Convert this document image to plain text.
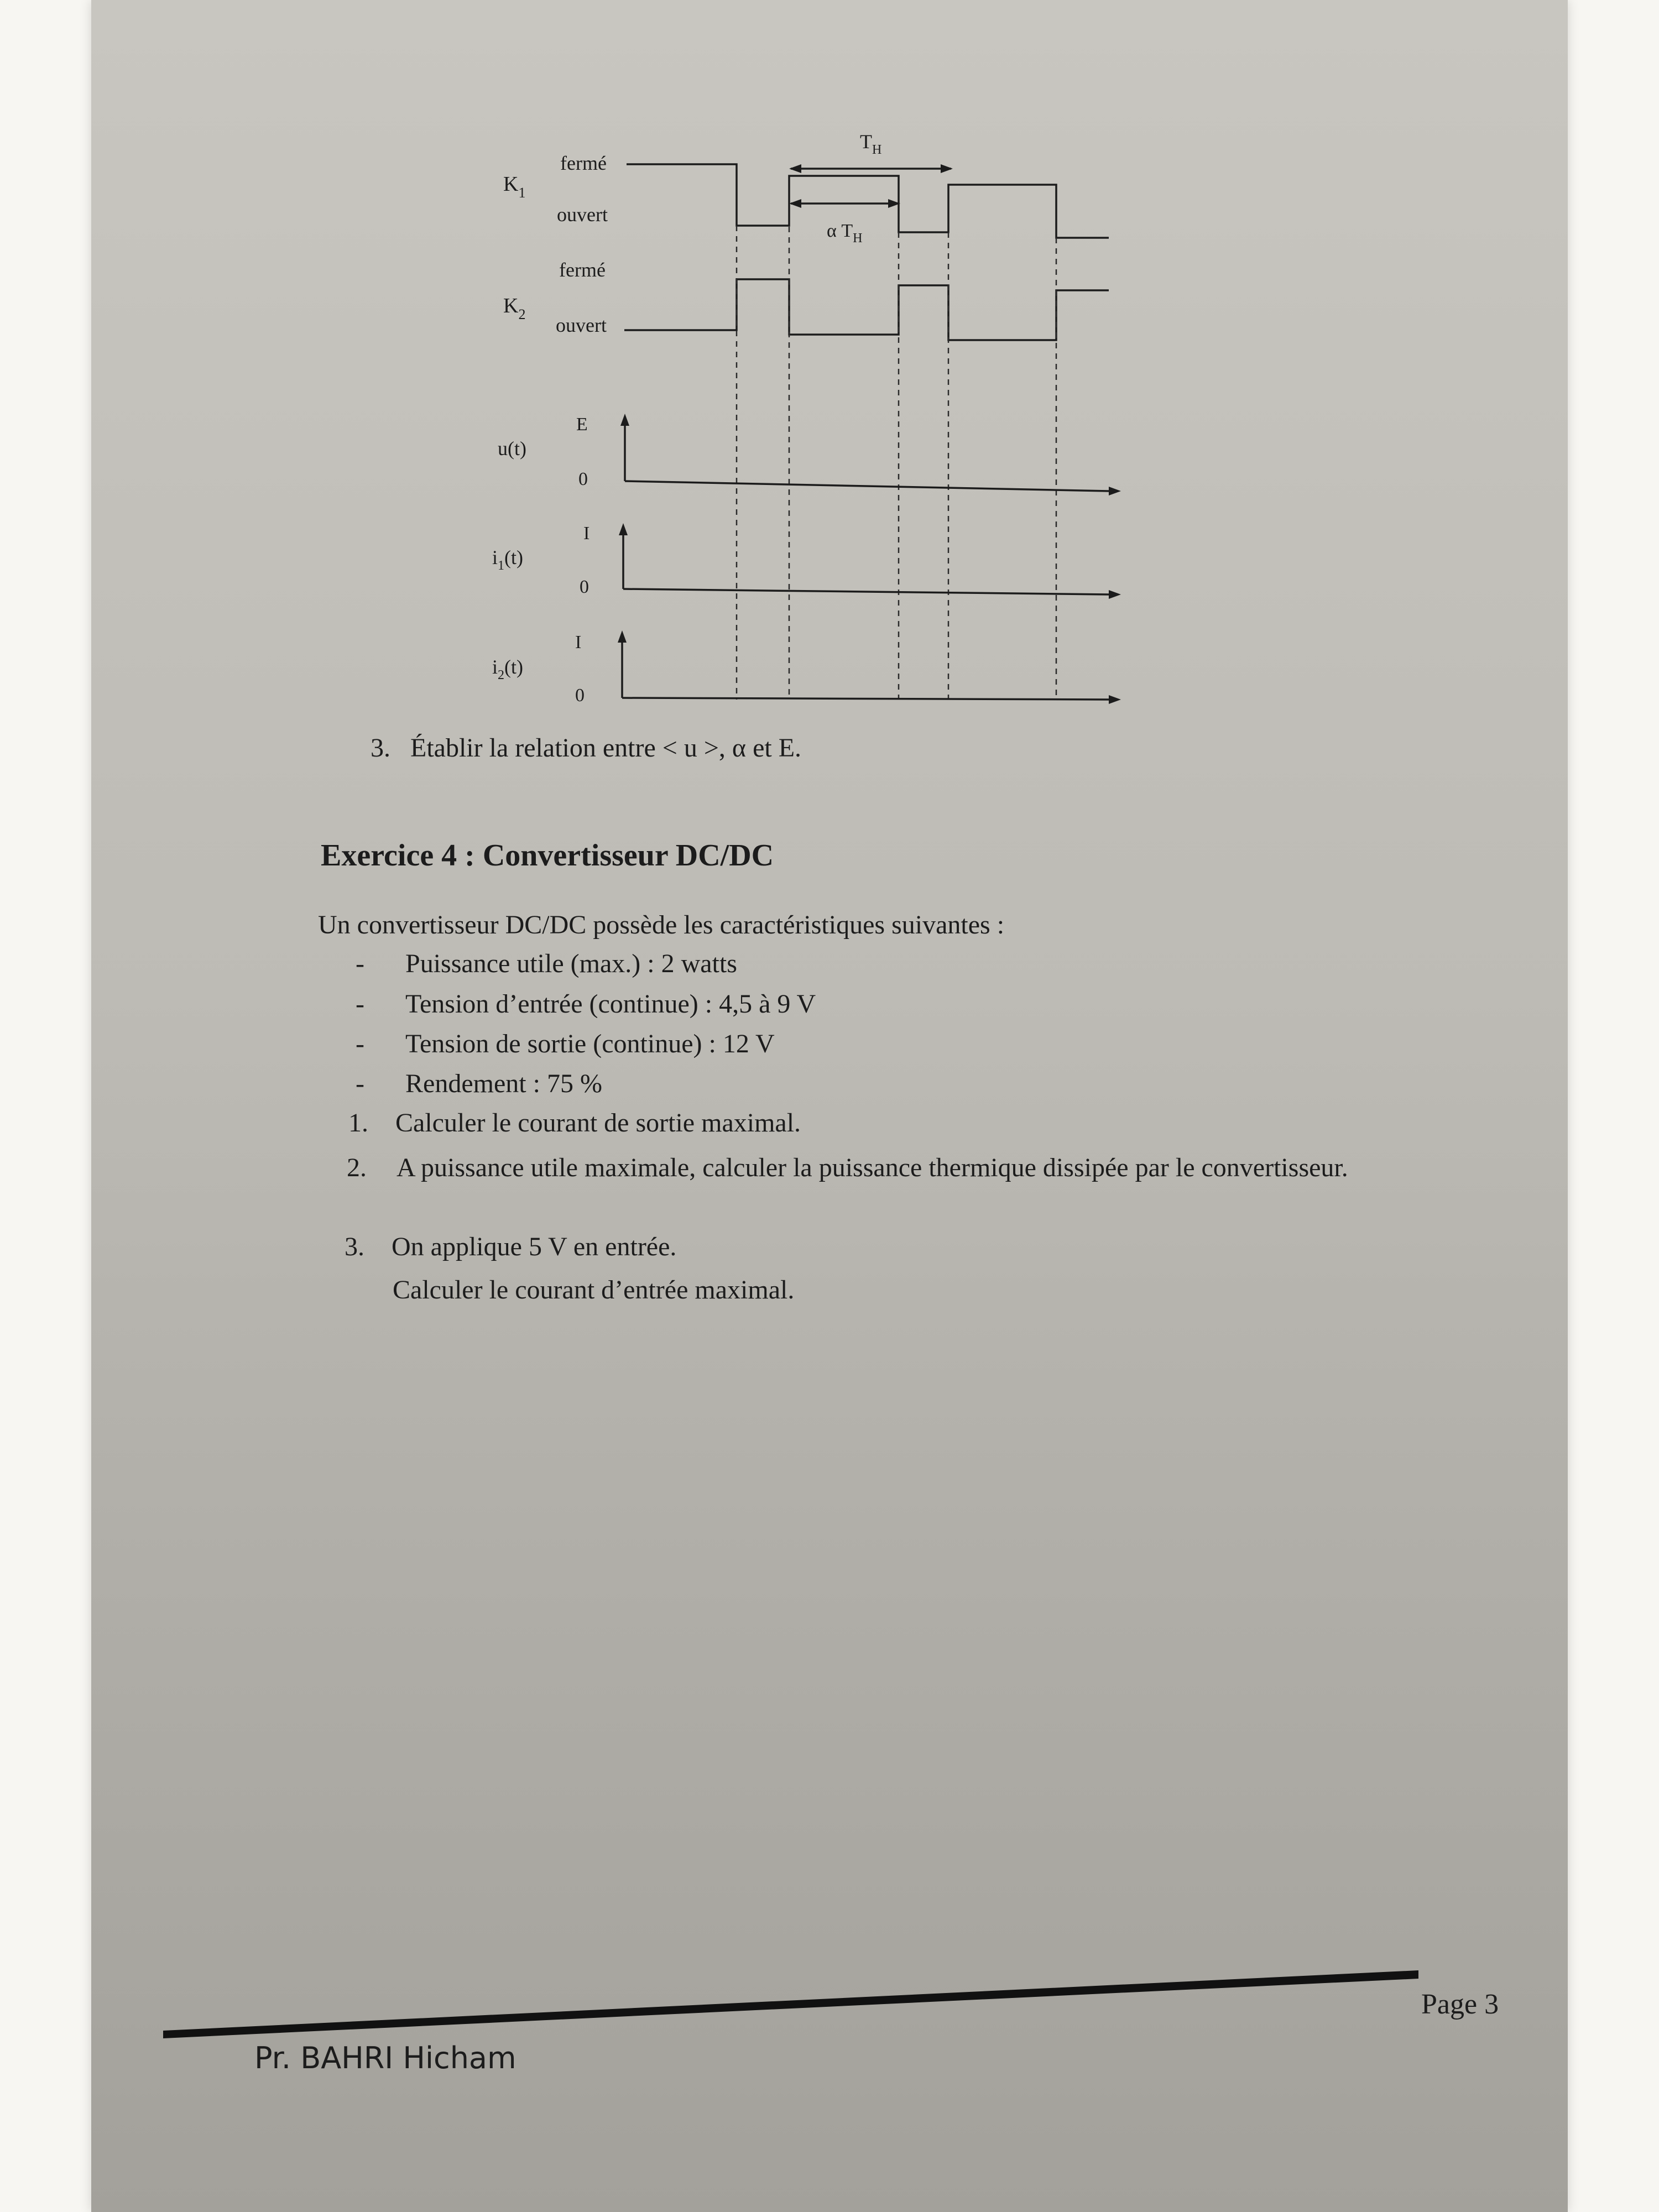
$T_H$
α $T_H$
$K_1$
fermé
ouvert
$K_2$
fermé
ouvert
u(t)
E
0
$i_1(t)$
I
0
$i_2(t)$
I
0

3. Établir la relation entre < u >, α et E.

Exercice 4 : Convertisseur DC/DC

Un convertisseur DC/DC possède les caractéristiques suivantes :

- Puissance utile (max.) : 2 watts

- Tension d’entrée (continue) : 4,5 à 9 V

- Tension de sortie (continue) : 12 V

- Rendement : 75 %

1. Calculer le courant de sortie maximal.

2. A puissance utile maximale, calculer la puissance thermique dissipée par le convertisseur.

3. On applique 5 V en entrée.

Calculer le courant d’entrée maximal.

Page 3

Pr. BAHRI Hicham
